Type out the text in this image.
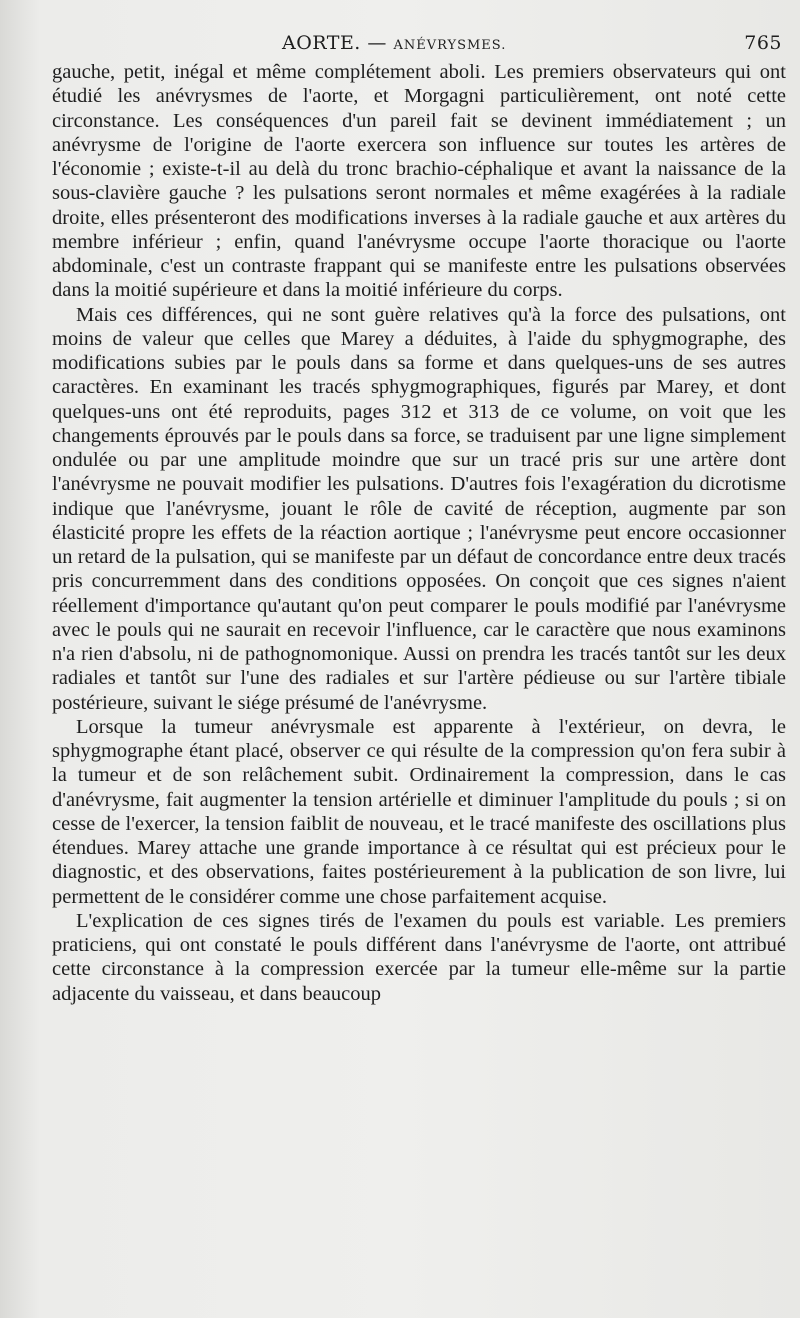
AORTE. — ANÉVRYSMES.	765

gauche, petit, inégal et même complétement aboli. Les premiers observateurs qui ont étudié les anévrysmes de l'aorte, et Morgagni particulièrement, ont noté cette circonstance. Les conséquences d'un pareil fait se devinent immédiatement ; un anévrysme de l'origine de l'aorte exercera son influence sur toutes les artères de l'économie ; existe-t-il au delà du tronc brachio-céphalique et avant la naissance de la sous-clavière gauche ? les pulsations seront normales et même exagérées à la radiale droite, elles présenteront des modifications inverses à la radiale gauche et aux artères du membre inférieur ; enfin, quand l'anévrysme occupe l'aorte thoracique ou l'aorte abdominale, c'est un contraste frappant qui se manifeste entre les pulsations observées dans la moitié supérieure et dans la moitié inférieure du corps.

Mais ces différences, qui ne sont guère relatives qu'à la force des pulsations, ont moins de valeur que celles que Marey a déduites, à l'aide du sphygmographe, des modifications subies par le pouls dans sa forme et dans quelques-uns de ses autres caractères. En examinant les tracés sphygmographiques, figurés par Marey, et dont quelques-uns ont été reproduits, pages 312 et 313 de ce volume, on voit que les changements éprouvés par le pouls dans sa force, se traduisent par une ligne simplement ondulée ou par une amplitude moindre que sur un tracé pris sur une artère dont l'anévrysme ne pouvait modifier les pulsations. D'autres fois l'exagération du dicrotisme indique que l'anévrysme, jouant le rôle de cavité de réception, augmente par son élasticité propre les effets de la réaction aortique ; l'anévrysme peut encore occasionner un retard de la pulsation, qui se manifeste par un défaut de concordance entre deux tracés pris concurremment dans des conditions opposées. On conçoit que ces signes n'aient réellement d'importance qu'autant qu'on peut comparer le pouls modifié par l'anévrysme avec le pouls qui ne saurait en recevoir l'influence, car le caractère que nous examinons n'a rien d'absolu, ni de pathognomonique. Aussi on prendra les tracés tantôt sur les deux radiales et tantôt sur l'une des radiales et sur l'artère pédieuse ou sur l'artère tibiale postérieure, suivant le siége présumé de l'anévrysme.

Lorsque la tumeur anévrysmale est apparente à l'extérieur, on devra, le sphygmographe étant placé, observer ce qui résulte de la compression qu'on fera subir à la tumeur et de son relâchement subit. Ordinairement la compression, dans le cas d'anévrysme, fait augmenter la tension artérielle et diminuer l'amplitude du pouls ; si on cesse de l'exercer, la tension faiblit de nouveau, et le tracé manifeste des oscillations plus étendues. Marey attache une grande importance à ce résultat qui est précieux pour le diagnostic, et des observations, faites postérieurement à la publication de son livre, lui permettent de le considérer comme une chose parfaitement acquise.

L'explication de ces signes tirés de l'examen du pouls est variable. Les premiers praticiens, qui ont constaté le pouls différent dans l'anévrysme de l'aorte, ont attribué cette circonstance à la compression exercée par la tumeur elle-même sur la partie adjacente du vaisseau, et dans beaucoup
